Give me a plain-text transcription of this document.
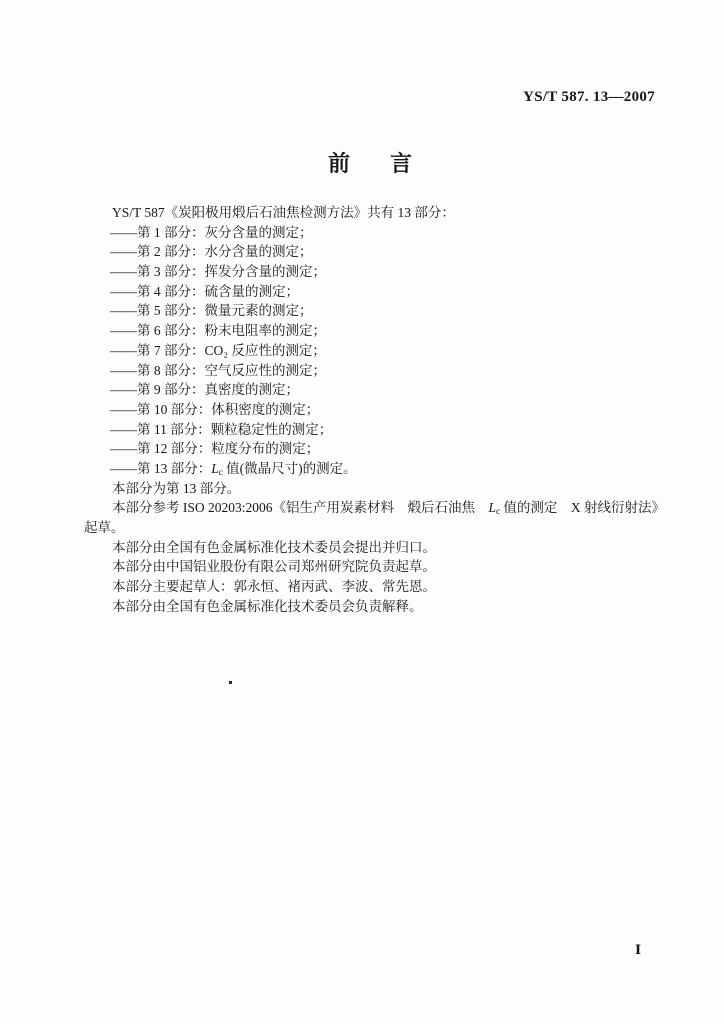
YS/T 587. 13—2007
前 言
YS/T 587《炭阳极用煅后石油焦检测方法》共有 13 部分：
——第 1 部分：灰分含量的测定；
——第 2 部分：水分含量的测定；
——第 3 部分：挥发分含量的测定；
——第 4 部分：硫含量的测定；
——第 5 部分：微量元素的测定；
——第 6 部分：粉末电阻率的测定；
——第 7 部分：CO₂ 反应性的测定；
——第 8 部分：空气反应性的测定；
——第 9 部分：真密度的测定；
——第 10 部分：体积密度的测定；
——第 11 部分：颗粒稳定性的测定；
——第 12 部分：粒度分布的测定；
——第 13 部分：$L_c$ 值(微晶尺寸)的测定。
本部分为第 13 部分。
本部分参考 ISO 20203:2006《铝生产用炭素材料　煅后石油焦　$L_c$ 值的测定　X 射线衍射法》
起草。
本部分由全国有色金属标准化技术委员会提出并归口。
本部分由中国铝业股份有限公司郑州研究院负责起草。
本部分主要起草人：郭永恒、褚丙武、李波、常先恩。
本部分由全国有色金属标准化技术委员会负责解释。
Ⅰ
